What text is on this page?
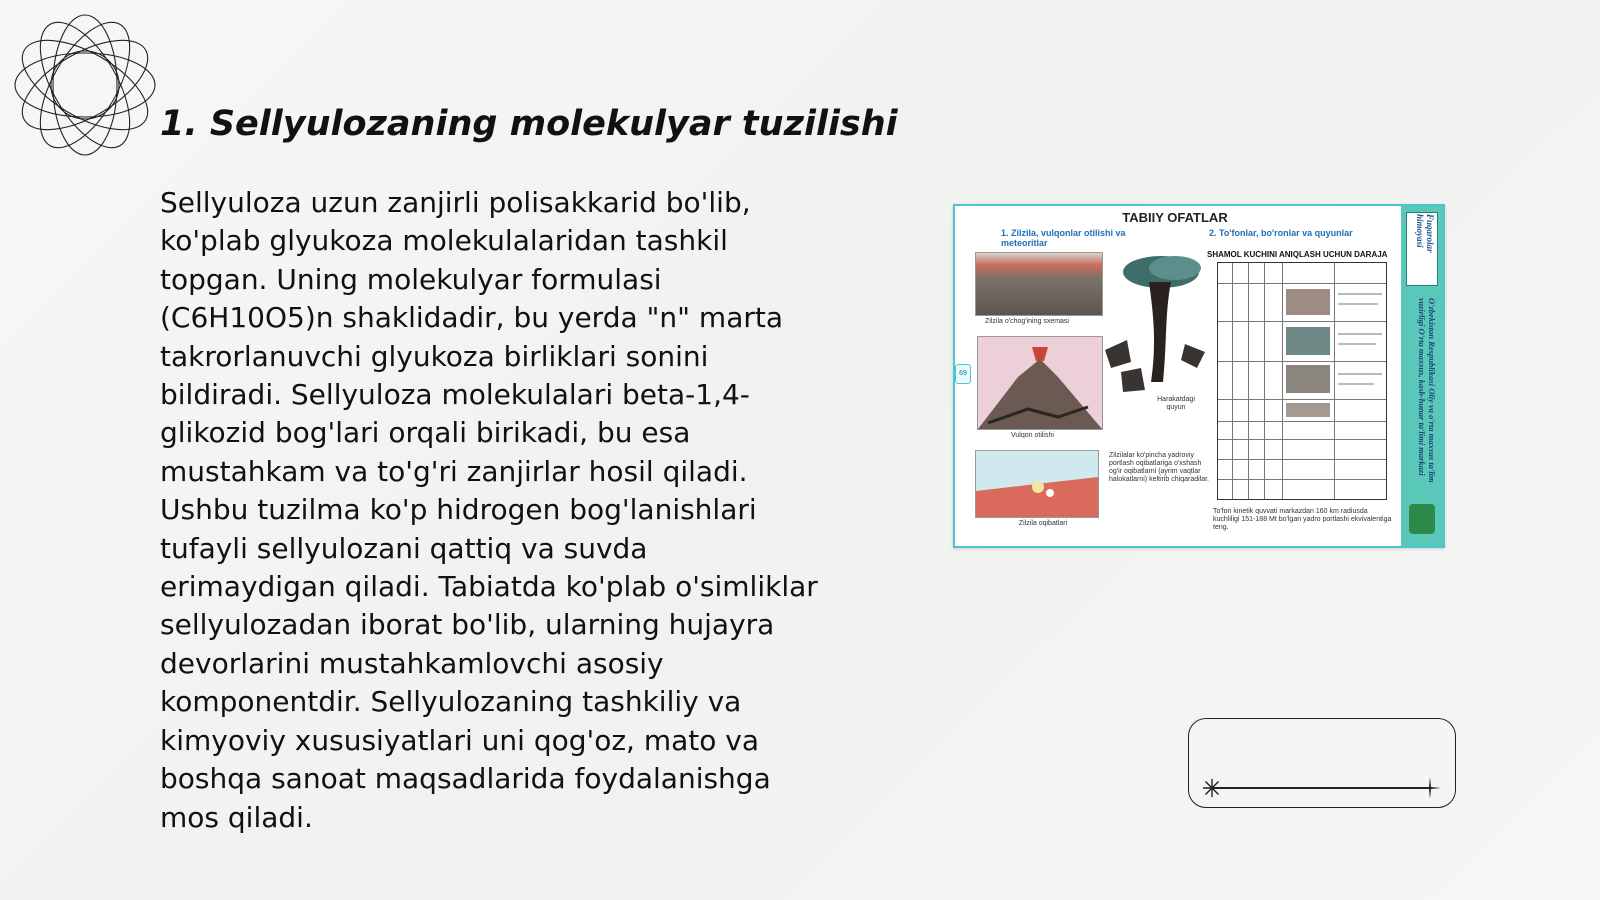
1. Sellyulozaning molekulyar tuzilishi

Sellyuloza uzun zanjirli polisakkarid bo'lib, ko'plab glyukoza molekulalaridan tashkil topgan. Uning molekulyar formulasi (C6H10O5)n shaklidadir, bu yerda "n" marta takrorlanuvchi glyukoza birliklari sonini bildiradi. Sellyuloza molekulalari beta-1,4-glikozid bog'lari orqali birikadi, bu esa mustahkam va to'g'ri zanjirlar hosil qiladi. Ushbu tuzilma ko'p hidrogen bog'lanishlari tufayli sellyulozani qattiq va suvda erimaydigan qiladi. Tabiatda ko'plab o'simliklar sellyulozadan iborat bo'lib, ularning hujayra devorlarini mustahkamlovchi asosiy komponentdir. Sellyulozaning tashkiliy va kimyoviy xususiyatlari uni qog'oz, mato va boshqa sanoat maqsadlarida foydalanishga mos qiladi.

69
TABIIY OFATLAR
1. Zilzila, vulqonlar otilishi va meteoritlar
2. To'fonlar, bo'ronlar va quyunlar
Zilzila o'chog'ining sxemasi
Vulqon otilishi
Zilzila oqibatlari
Harakatdagi quyun
Zilzilalar ko'pincha yadroviy portlash oqibatlariga o'xshash og'ir oqibatlarni (ayrim vaqtlar halokatlarni) keltirib chiqaradilar.
SHAMOL KUCHINI ANIQLASH UCHUN DARAJA
To'fon kinetik quvvati markazdan 160 km radiusda kuchliligi 151-188 Mt bo'lgan yadro portlashi ekvivalentiga teng.
Fuqarolar himoyasi
O'zbekiston Respublikasi Oliy va o'rta maxsus ta'lim vazirligi O'rta maxsus, kasb-hunar ta'limi markazi
